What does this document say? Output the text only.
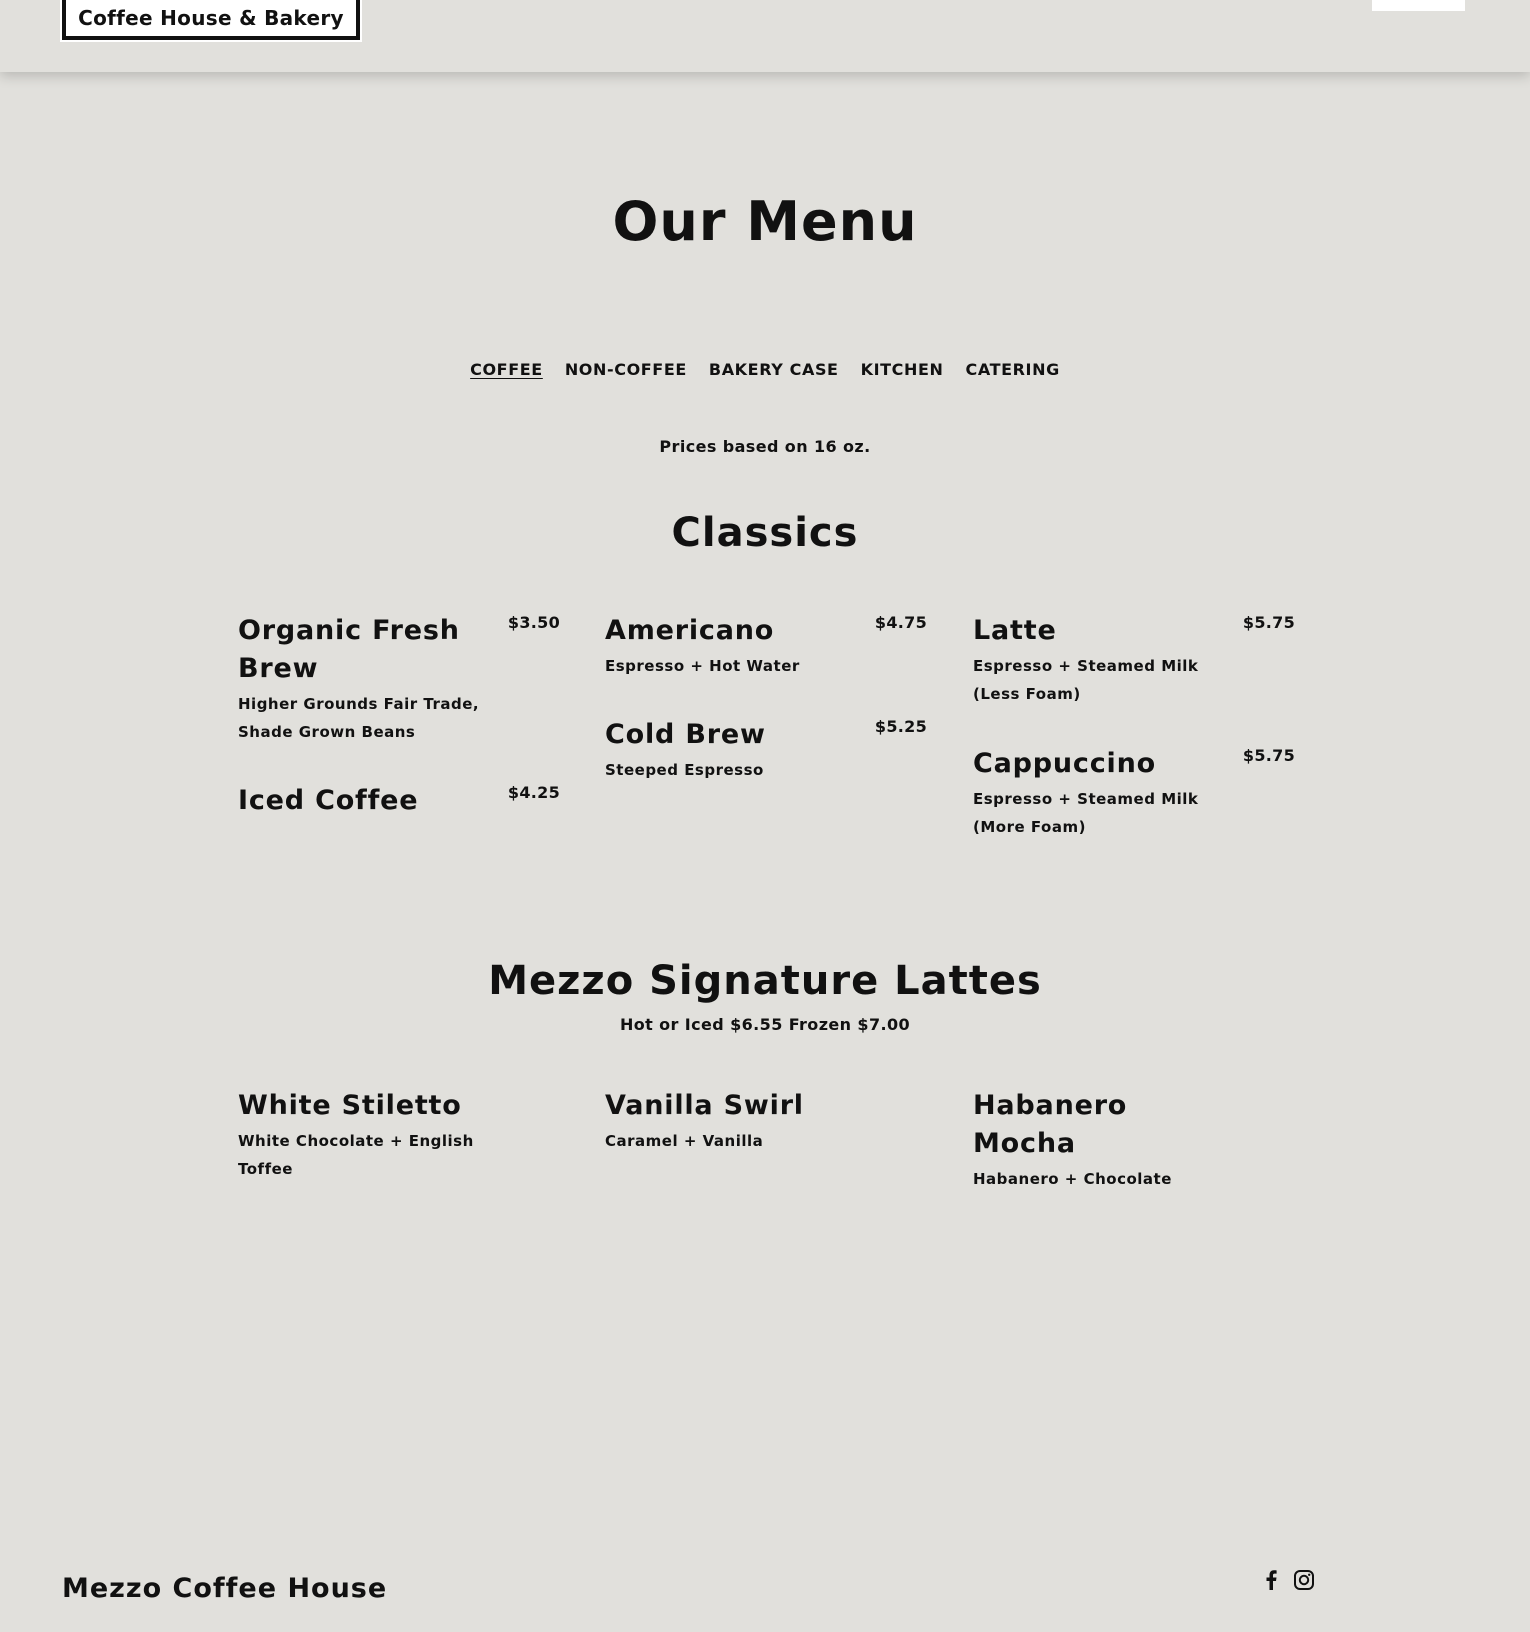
Coffee House & Bakery
Our Menu
COFFEE NON-COFFEE BAKERY CASE KITCHEN CATERING

Prices based on 16 oz.

Classics
Organic Fresh Brew
$3.50
Higher Grounds Fair Trade, Shade Grown Beans
Iced Coffee	$4.25
Americano	$4.75
Espresso + Hot Water
Cold Brew	$5.25
Steeped Espresso
Latte	$5.75
Espresso + Steamed Milk (Less Foam)
Cappuccino	$5.75
Espresso + Steamed Milk (More Foam)
Mezzo Signature Lattes

Hot or Iced $6.55 Frozen $7.00

White Stiletto
White Chocolate + English Toffee
Vanilla Swirl
Caramel + Vanilla
Habanero Mocha
Habanero + Chocolate
Mezzo Coffee House
